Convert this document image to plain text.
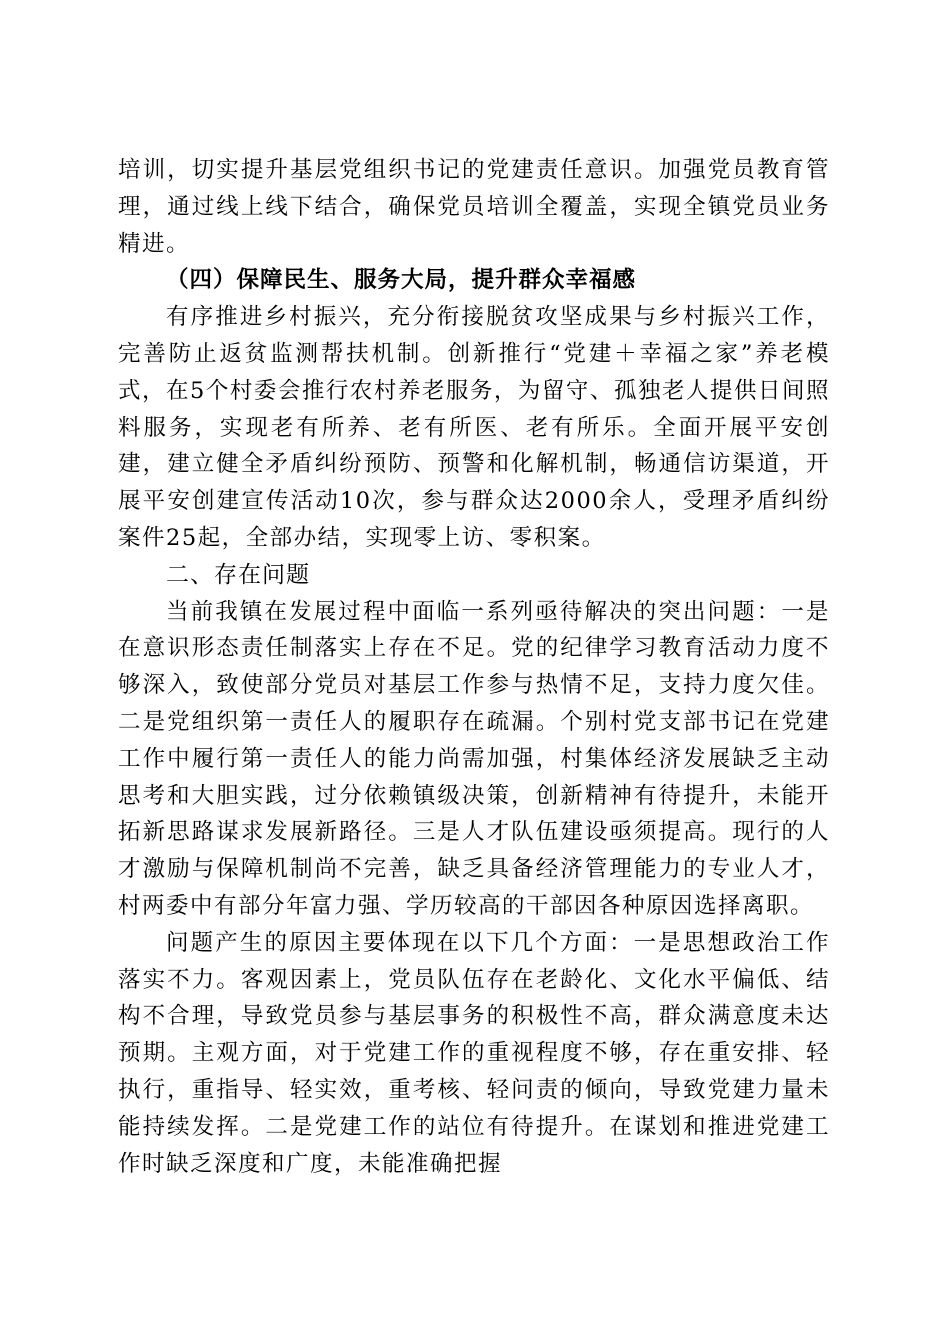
培训，切实提升基层党组织书记的党建责任意识。加强党员教育管理，通过线上线下结合，确保党员培训全覆盖，实现全镇党员业务精进。

（四）保障民生、服务大局，提升群众幸福感

有序推进乡村振兴，充分衔接脱贫攻坚成果与乡村振兴工作，完善防止返贫监测帮扶机制。创新推行“党建＋幸福之家”养老模式，在5个村委会推行农村养老服务，为留守、孤独老人提供日间照料服务，实现老有所养、老有所医、老有所乐。全面开展平安创建，建立健全矛盾纠纷预防、预警和化解机制，畅通信访渠道，开展平安创建宣传活动10次，参与群众达2000余人，受理矛盾纠纷案件25起，全部办结，实现零上访、零积案。

二、存在问题

当前我镇在发展过程中面临一系列亟待解决的突出问题：一是在意识形态责任制落实上存在不足。党的纪律学习教育活动力度不够深入，致使部分党员对基层工作参与热情不足，支持力度欠佳。二是党组织第一责任人的履职存在疏漏。个别村党支部书记在党建工作中履行第一责任人的能力尚需加强，村集体经济发展缺乏主动思考和大胆实践，过分依赖镇级决策，创新精神有待提升，未能开拓新思路谋求发展新路径。三是人才队伍建设亟须提高。现行的人才激励与保障机制尚不完善，缺乏具备经济管理能力的专业人才，村两委中有部分年富力强、学历较高的干部因各种原因选择离职。

问题产生的原因主要体现在以下几个方面：一是思想政治工作落实不力。客观因素上，党员队伍存在老龄化、文化水平偏低、结构不合理，导致党员参与基层事务的积极性不高，群众满意度未达预期。主观方面，对于党建工作的重视程度不够，存在重安排、轻执行，重指导、轻实效，重考核、轻问责的倾向，导致党建力量未能持续发挥。二是党建工作的站位有待提升。在谋划和推进党建工作时缺乏深度和广度，未能准确把握
